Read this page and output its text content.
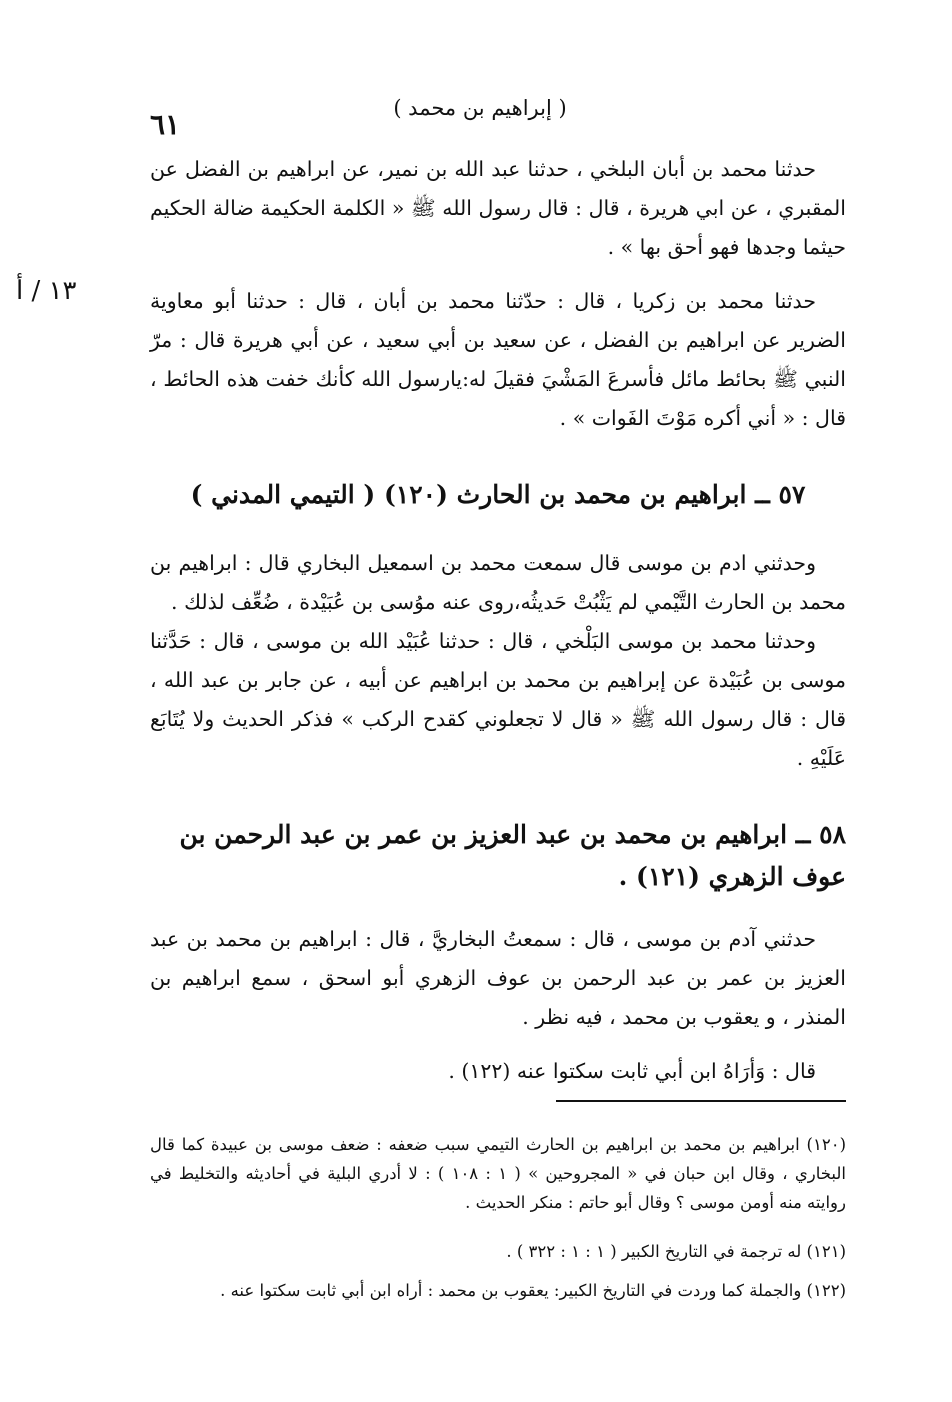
( إبراهيم بن محمد )
٦١
١٣ / أ
حدثنا محمد بن أبان البلخي ، حدثنا عبد الله بن نمير، عن ابراهيم بن الفضل عن المقبري ، عن ابي هريرة ، قال : قال رسول الله ﷺ « الكلمة الحكيمة ضالة الحكيم حيثما وجدها فهو أحق بها » .
حدثنا محمد بن زكريا ، قال : حدّثنا محمد بن أبان ، قال : حدثنا أبو معاوية الضرير عن ابراهيم بن الفضل ، عن سعيد بن أبي سعيد ، عن أبي هريرة قال : مرّ النبي ﷺ بحائط مائل فأسرعَ المَشْيَ فقيلَ له:يارسول الله كأنك خفت هذه الحائط ، قال : « أني أكره مَوْتَ الفَوات » .
٥٧ ــ ابراهيم بن محمد بن الحارث (١٢٠) ( التيمي المدني )
وحدثني ادم بن موسى قال سمعت محمد بن اسمعيل البخاري قال : ابراهيم بن محمد بن الحارث التَّيْمي لم يَثْبُتْ حَديثُه،روى عنه موُسى بن عُبَيْدة ، ضُعِّف لذلك .
وحدثنا محمد بن موسى البَلْخي ، قال : حدثنا عُبَيْد الله بن موسى ، قال : حَدَّثنا موسى بن عُبَيْدة عن إبراهيم بن محمد بن ابراهيم عن أبيه ، عن جابر بن عبد الله ، قال : قال رسول الله ﷺ « قال لا تجعلوني كقدح الركب » فذكر الحديث ولا يُتَابَع عَلَيْهِ .
٥٨ ــ ابراهيم بن محمد بن عبد العزيز بن عمر بن عبد الرحمن بن عوف الزهري (١٢١) .
حدثني آدم بن موسى ، قال : سمعتُ البخاريَّ ، قال : ابراهيم بن محمد بن عبد العزيز بن عمر بن عبد الرحمن بن عوف الزهري أبو اسحق ، سمع ابراهيم بن المنذر ، و يعقوب بن محمد ، فيه نظر .
قال : وَأرَاهُ ابن أبي ثابت سكتوا عنه (١٢٢) .
(١٢٠) ابراهيم بن محمد بن ابراهيم بن الحارث التيمي سبب ضعفه : ضعف موسى بن عبيدة كما قال البخاري ، وقال ابن حبان في « المجروحين » ( ١ : ١٠٨ ) : لا أدري البلية في أحاديثه والتخليط في روايته منه أومن موسى ؟ وقال أبو حاتم : منكر الحديث .
(١٢١) له ترجمة في التاريخ الكبير ( ١ : ١ : ٣٢٢ ) .
(١٢٢) والجملة كما وردت في التاريخ الكبير: يعقوب بن محمد : أراه ابن أبي ثابت سكتوا عنه .
